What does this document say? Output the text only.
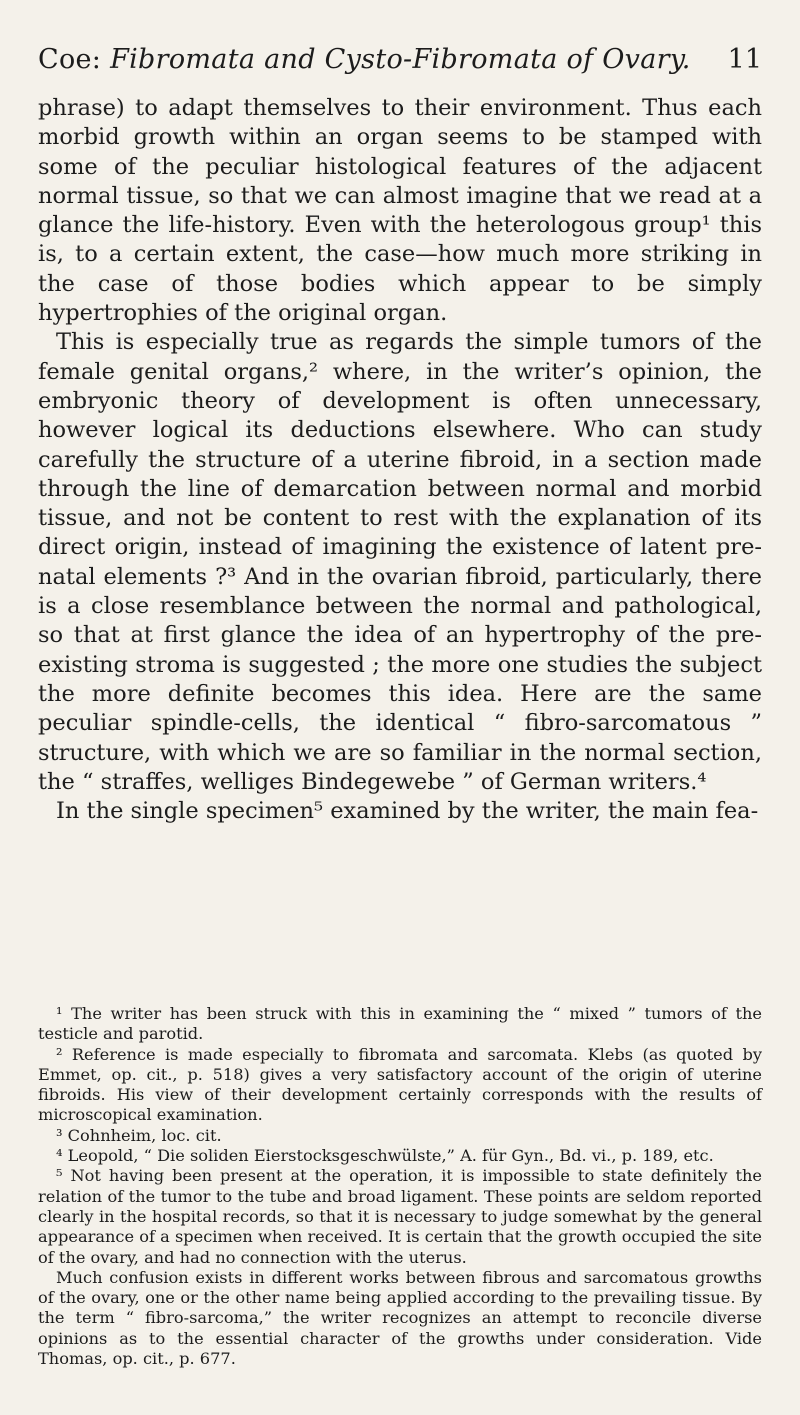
Coe: Fibromata and Cysto-Fibromata of Ovary. 11

phrase) to adapt themselves to their environment. Thus each morbid growth within an organ seems to be stamped with some of the peculiar histological features of the adjacent normal tissue, so that we can almost imagine that we read at a glance the life-history. Even with the heterologous group¹ this is, to a certain extent, the case—how much more striking in the case of those bodies which appear to be simply hypertrophies of the original organ.

This is especially true as regards the simple tumors of the female genital organs,² where, in the writer’s opinion, the embryonic theory of development is often unnecessary, however logical its deductions elsewhere. Who can study carefully the structure of a uterine fibroid, in a section made through the line of demarcation between normal and morbid tissue, and not be content to rest with the explanation of its direct origin, instead of imagining the existence of latent pre-natal elements ?³ And in the ovarian fibroid, particularly, there is a close resemblance between the normal and pathological, so that at first glance the idea of an hypertrophy of the pre-existing stroma is suggested ; the more one studies the subject the more definite becomes this idea. Here are the same peculiar spindle-cells, the identical “ fibro-sarcomatous ” structure, with which we are so familiar in the normal section, the “ straffes, welliges Bindegewebe ” of German writers.⁴

In the single specimen⁵ examined by the writer, the main fea-

¹ The writer has been struck with this in examining the “ mixed ” tumors of the testicle and parotid.

² Reference is made especially to fibromata and sarcomata. Klebs (as quoted by Emmet, op. cit., p. 518) gives a very satisfactory account of the origin of uterine fibroids. His view of their development certainly corresponds with the results of microscopical examination.

³ Cohnheim, loc. cit.

⁴ Leopold, “ Die soliden Eierstocksgeschwülste,” A. für Gyn., Bd. vi., p. 189, etc.

⁵ Not having been present at the operation, it is impossible to state definitely the relation of the tumor to the tube and broad ligament. These points are seldom reported clearly in the hospital records, so that it is necessary to judge somewhat by the general appearance of a specimen when received. It is certain that the growth occupied the site of the ovary, and had no connection with the uterus.

Much confusion exists in different works between fibrous and sarcomatous growths of the ovary, one or the other name being applied according to the prevailing tissue. By the term “ fibro-sarcoma,” the writer recognizes an attempt to reconcile diverse opinions as to the essential character of the growths under consideration. Vide Thomas, op. cit., p. 677.
